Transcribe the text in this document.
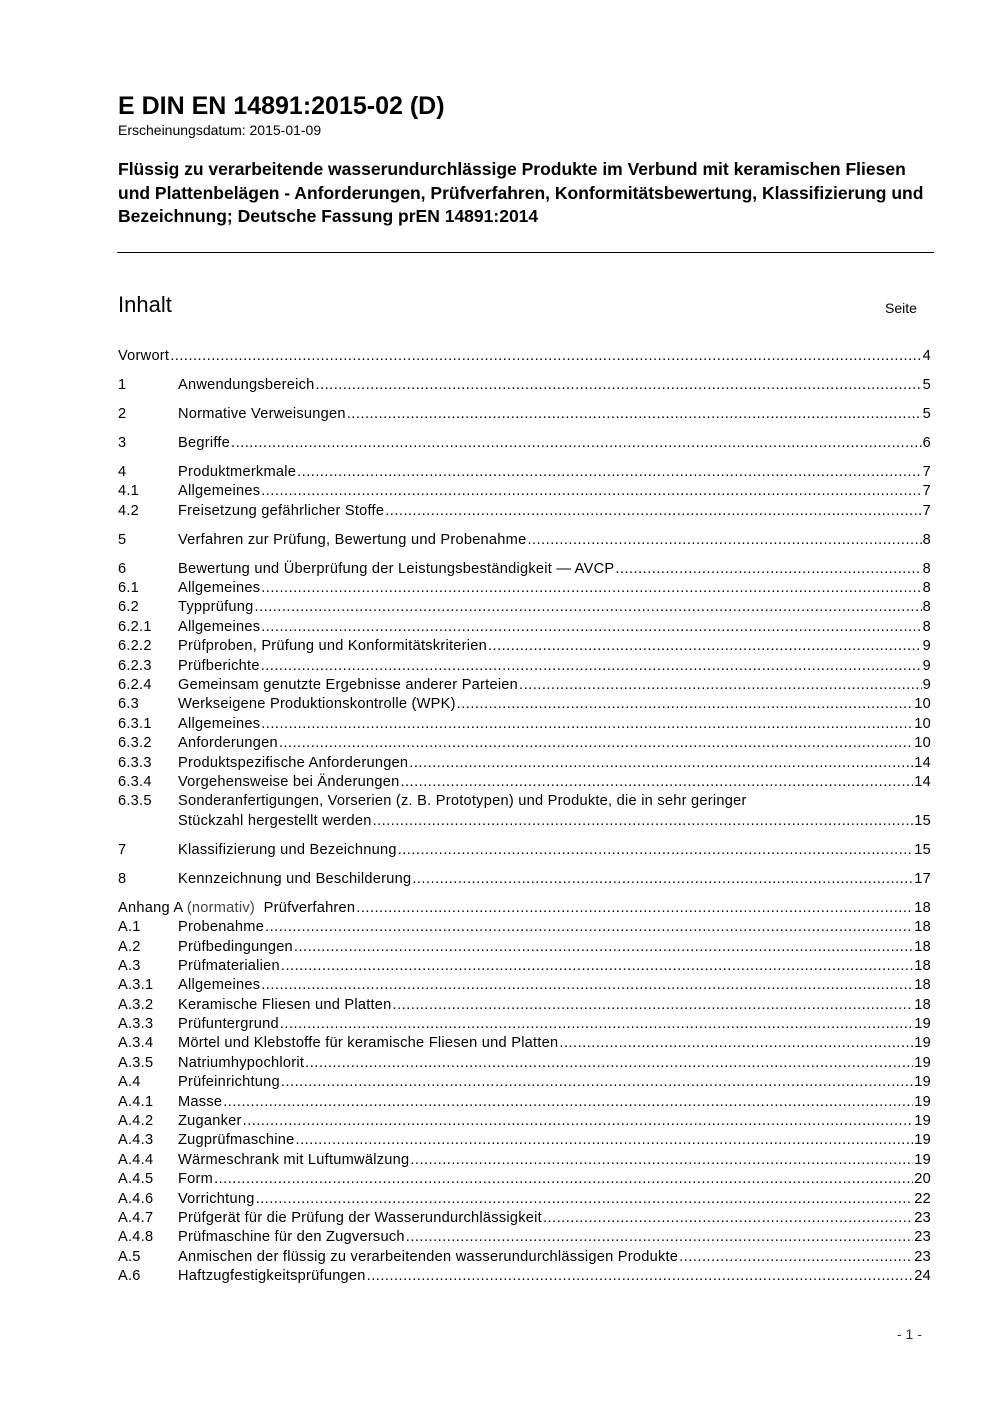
E DIN EN 14891:2015-02 (D)
Erscheinungsdatum: 2015-01-09
Flüssig zu verarbeitende wasserundurchlässige Produkte im Verbund mit keramischen Fliesen und Plattenbelägen - Anforderungen, Prüfverfahren, Konformitätsbewertung, Klassifizierung und Bezeichnung; Deutsche Fassung prEN 14891:2014
Inhalt	Seite
Vorwort .....	4
1	Anwendungsbereich .....	5
2	Normative Verweisungen .....	5
3	Begriffe .....	6
4	Produktmerkmale .....	7
4.1	Allgemeines .....	7
4.2	Freisetzung gefährlicher Stoffe .....	7
5	Verfahren zur Prüfung, Bewertung und Probenahme .....	8
6	Bewertung und Überprüfung der Leistungsbeständigkeit — AVCP .....	8
6.1	Allgemeines .....	8
6.2	Typprüfung .....	8
6.2.1 Allgemeines .....	8
6.2.2 Prüfproben, Prüfung und Konformitätskriterien .....	9
6.2.3 Prüfberichte .....	9
6.2.4 Gemeinsam genutzte Ergebnisse anderer Parteien .....	9
6.3	Werkseigene Produktionskontrolle (WPK) .....	10
6.3.1 Allgemeines .....	10
6.3.2 Anforderungen .....	10
6.3.3 Produktspezifische Anforderungen .....	14
6.3.4 Vorgehensweise bei Änderungen .....	14
6.3.5 Sonderanfertigungen, Vorserien (z. B. Prototypen) und Produkte, die in sehr geringer
Stückzahl hergestellt werden .....	15
7	Klassifizierung und Bezeichnung .....	15
8	Kennzeichnung und Beschilderung .....	17
Anhang A (normativ)  Prüfverfahren .....	18
A.1	Probenahme .....	18
A.2	Prüfbedingungen .....	18
A.3	Prüfmaterialien .....	18
A.3.1 Allgemeines .....	18
A.3.2 Keramische Fliesen und Platten .....	18
A.3.3 Prüfuntergrund .....	19
A.3.4 Mörtel und Klebstoffe für keramische Fliesen und Platten .....	19
A.3.5 Natriumhypochlorit .....	19
A.4	Prüfeinrichtung .....	19
A.4.1 Masse .....	19
A.4.2 Zuganker .....	19
A.4.3 Zugprüfmaschine .....	19
A.4.4 Wärmeschrank mit Luftumwälzung .....	19
A.4.5 Form .....	20
A.4.6 Vorrichtung .....	22
A.4.7 Prüfgerät für die Prüfung der Wasserundurchlässigkeit .....	23
A.4.8 Prüfmaschine für den Zugversuch .....	23
A.5	Anmischen der flüssig zu verarbeitenden wasserundurchlässigen Produkte .....	23
A.6	Haftzugfestigkeitsprüfungen .....	24
- 1 -
